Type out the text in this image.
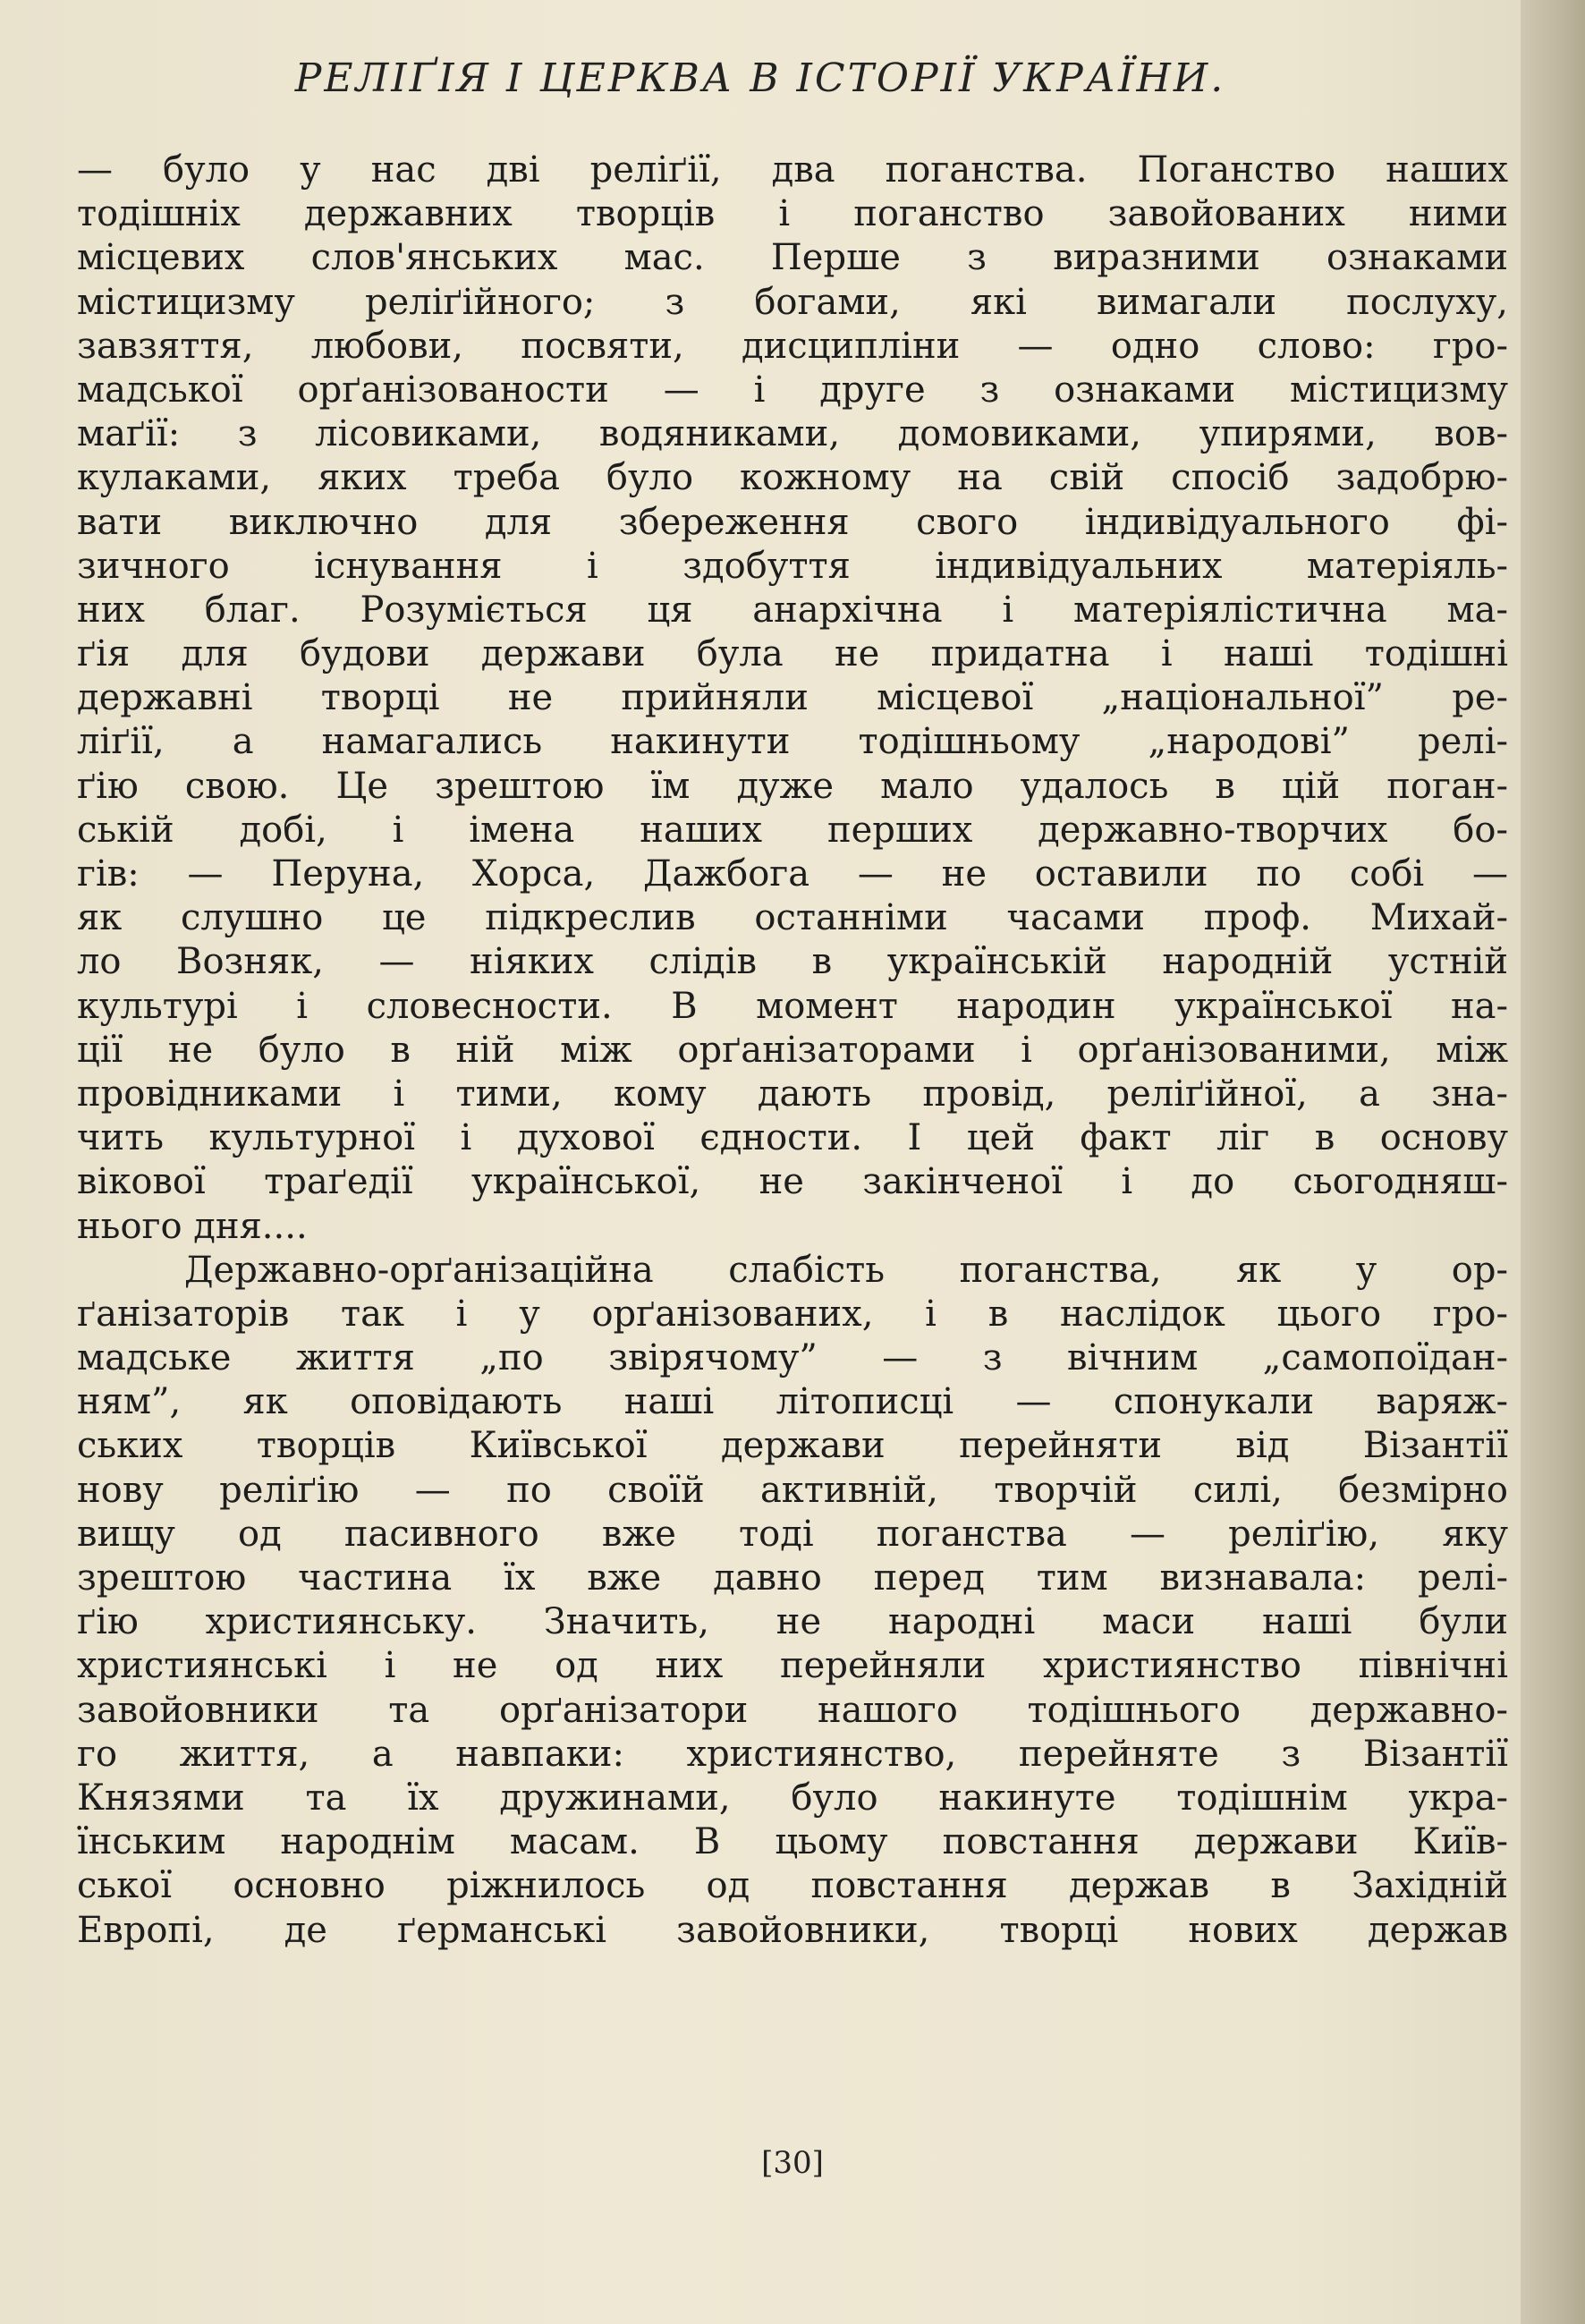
РЕЛІҐІЯ І ЦЕРКВА В ІСТОРІЇ УКРАЇНИ.
— було у нас дві реліґії, два поганства. Поганство наших
тодішніх державних творців і поганство завойованих ними
місцевих слов'янських мас. Перше з виразними ознаками
містицизму реліґійного; з богами, які вимагали послуху,
завзяття, любови, посвяти, дисципліни — одно слово: гро-
мадської орґанізованости — і друге з ознаками містицизму
маґії: з лісовиками, водяниками, домовиками, упирями, вов-
кулаками, яких треба було кожному на свій спосіб задобрю-
вати виключно для збереження свого індивідуального фі-
зичного існування і здобуття індивідуальних матеріяль-
них благ. Розуміється ця анархічна і матеріялістична ма-
ґія для будови держави була не придатна і наші тодішні
державні творці не прийняли місцевої „національної” ре-
ліґії, а намагались накинути тодішньому „народові” релі-
ґію свою. Це зрештою їм дуже мало удалось в цій поган-
ській добі, і імена наших перших державно-творчих бо-
гів: — Перуна, Хорса, Дажбога — не оставили по собі —
як слушно це підкреслив останніми часами проф. Михай-
ло Возняк, — ніяких слідів в українській народній устній
культурі і словесности. В момент народин української на-
ції не було в ній між орґанізаторами і орґанізованими, між
провідниками і тими, кому дають провід, реліґійної, а зна-
чить культурної і духової єдности. І цей факт ліг в основу
вікової траґедії української, не закінченої і до сьогодняш-
нього дня....
Державно-орґанізаційна слабість поганства, як у ор-
ґанізаторів так і у орґанізованих, і в наслідок цього гро-
мадське життя „по звірячому” — з вічним „самопоїдан-
ням”, як оповідають наші літописці — спонукали варяж-
ських творців Київської держави перейняти від Візантії
нову реліґію — по своїй активній, творчій силі, безмірно
вищу од пасивного вже тоді поганства — реліґію, яку
зрештою частина їх вже давно перед тим визнавала: релі-
ґію християнську. Значить, не народні маси наші були
християнські і не од них перейняли християнство північні
завойовники та орґанізатори нашого тодішнього державно-
го життя, а навпаки: християнство, перейняте з Візантії
Князями та їх дружинами, було накинуте тодішнім укра-
їнським народнім масам. В цьому повстання держави Київ-
ської основно ріжнилось од повстання держав в Західній
Европі, де ґерманські завойовники, творці нових держав
[30]
